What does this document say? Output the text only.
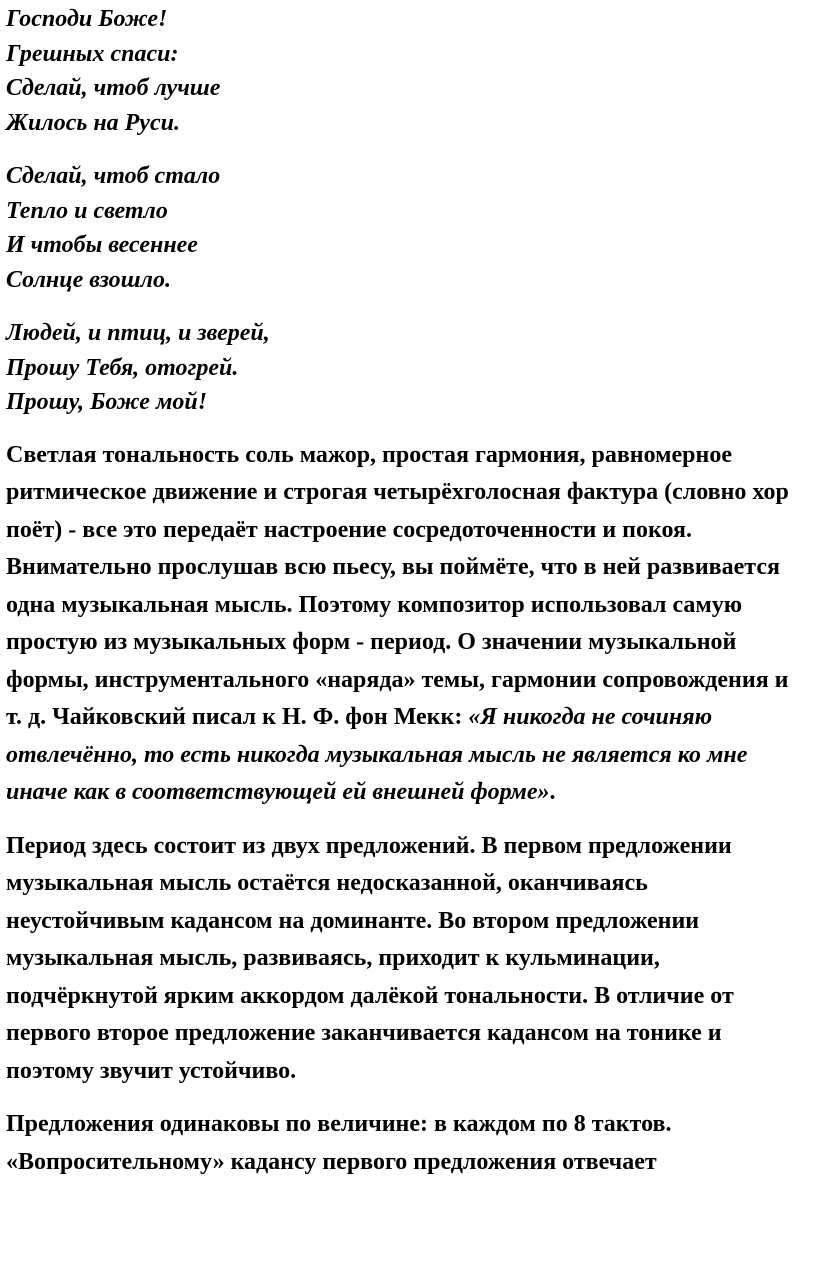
Господи Боже!
Грешных спаси:
Сделай, чтоб лучше
Жилось на Руси.
Сделай, чтоб стало
Тепло и светло
И чтобы весеннее
Солнце взошло.
Людей, и птиц, и зверей,
Прошу Тебя, отогрей.
Прошу, Боже мой!

Светлая тональность соль мажор, простая гармония, равномерное ритмическое движение и строгая четырёхголосная фактура (словно хор поёт) - все это передаёт настроение сосредоточенности и покоя. Внимательно прослушав всю пьесу, вы поймёте, что в ней развивается одна музыкальная мысль. Поэтому композитор использовал самую простую из музыкальных форм - период. О значении музыкальной формы, инструментального «наряда» темы, гармонии сопровождения и т. д. Чайковский писал к Н. Ф. фон Мекк: «Я никогда не сочиняю отвлечённо, то есть никогда музыкальная мысль не является ко мне иначе как в соответствующей ей внешней форме».

Период здесь состоит из двух предложений. В первом предложении музыкальная мысль остаётся недосказанной, оканчиваясь неустойчивым кадансом на доминанте. Во втором предложении музыкальная мысль, развиваясь, приходит к кульминации, подчёркнутой ярким аккордом далёкой тональности. В отличие от первого второе предложение заканчивается кадансом на тонике и поэтому звучит устойчиво.

Предложения одинаковы по величине: в каждом по 8 тактов. «Вопросительному» кадансу первого предложения отвечает
